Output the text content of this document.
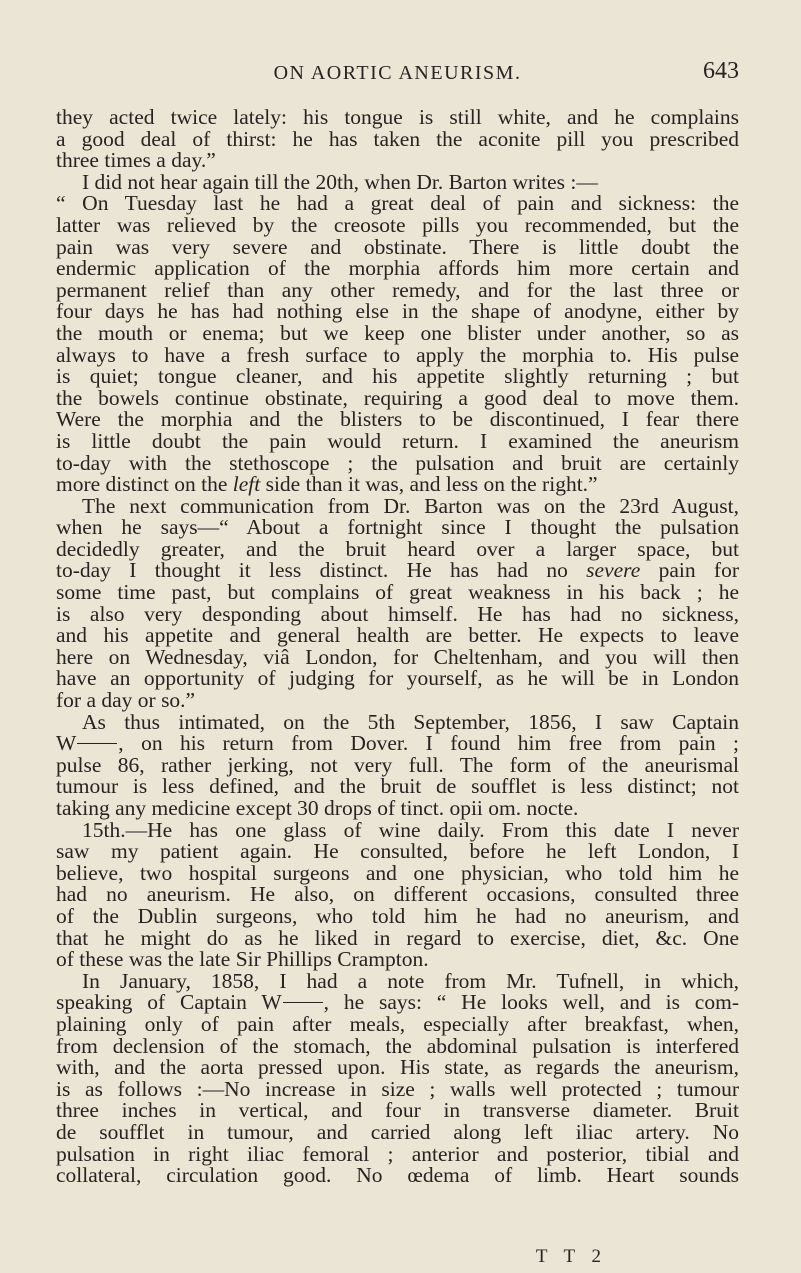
ON AORTIC ANEURISM.	643
they acted twice lately: his tongue is still white, and he complains
a good deal of thirst: he has taken the aconite pill you prescribed
three times a day.”
I did not hear again till the 20th, when Dr. Barton writes :—
“ On Tuesday last he had a great deal of pain and sickness: the
latter was relieved by the creosote pills you recommended, but the
pain was very severe and obstinate. There is little doubt the
endermic application of the morphia affords him more certain and
permanent relief than any other remedy, and for the last three or
four days he has had nothing else in the shape of anodyne, either by
the mouth or enema; but we keep one blister under another, so as
always to have a fresh surface to apply the morphia to. His pulse
is quiet; tongue cleaner, and his appetite slightly returning ; but
the bowels continue obstinate, requiring a good deal to move them.
Were the morphia and the blisters to be discontinued, I fear there
is little doubt the pain would return. I examined the aneurism
to-day with the stethoscope ; the pulsation and bruit are certainly
more distinct on the left side than it was, and less on the right.”
The next communication from Dr. Barton was on the 23rd August,
when he says—“ About a fortnight since I thought the pulsation
decidedly greater, and the bruit heard over a larger space, but
to-day I thought it less distinct. He has had no severe pain for
some time past, but complains of great weakness in his back ; he
is also very desponding about himself. He has had no sickness,
and his appetite and general health are better. He expects to leave
here on Wednesday, viâ London, for Cheltenham, and you will then
have an opportunity of judging for yourself, as he will be in London
for a day or so.”
As thus intimated, on the 5th September, 1856, I saw Captain
W , on his return from Dover. I found him free from pain ;
pulse 86, rather jerking, not very full. The form of the aneurismal
tumour is less defined, and the bruit de soufflet is less distinct; not
taking any medicine except 30 drops of tinct. opii om. nocte.
15th.—He has one glass of wine daily. From this date I never
saw my patient again. He consulted, before he left London, I
believe, two hospital surgeons and one physician, who told him he
had no aneurism. He also, on different occasions, consulted three
of the Dublin surgeons, who told him he had no aneurism, and
that he might do as he liked in regard to exercise, diet, &c. One
of these was the late Sir Phillips Crampton.
In January, 1858, I had a note from Mr. Tufnell, in which,
speaking of Captain W , he says: “ He looks well, and is com-
plaining only of pain after meals, especially after breakfast, when,
from declension of the stomach, the abdominal pulsation is interfered
with, and the aorta pressed upon. His state, as regards the aneurism,
is as follows :—No increase in size ; walls well protected ; tumour
three inches in vertical, and four in transverse diameter. Bruit
de soufflet in tumour, and carried along left iliac artery. No
pulsation in right iliac femoral ; anterior and posterior, tibial and
collateral, circulation good. No œdema of limb. Heart sounds
T T 2
